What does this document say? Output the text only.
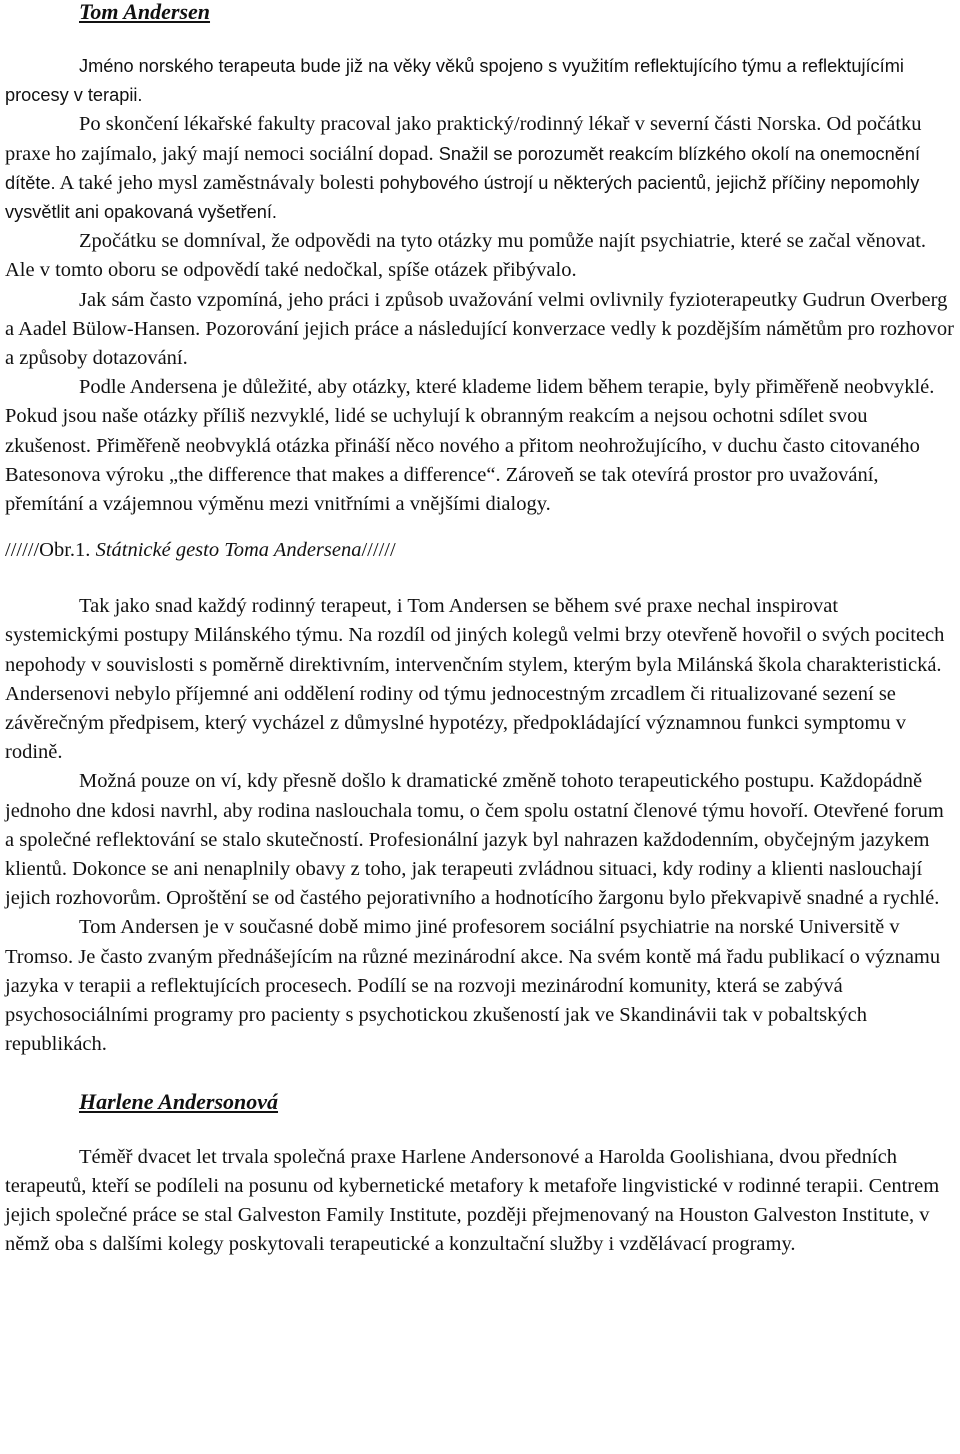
Tom Andersen

Jméno norského terapeuta bude již na věky věků spojeno s využitím reflektujícího týmu a reflektujícími procesy v terapii.

Po skončení lékařské fakulty pracoval jako praktický/rodinný lékař v severní části Norska. Od počátku praxe ho zajímalo, jaký mají nemoci sociální dopad. Snažil se porozumět reakcím blízkého okolí na onemocnění dítěte. A také jeho mysl zaměstnávaly bolesti pohybového ústrojí u některých pacientů, jejichž příčiny nepomohly vysvětlit ani opakovaná vyšetření.

Zpočátku se domníval, že odpovědi na tyto otázky mu pomůže najít psychiatrie, které se začal věnovat. Ale v tomto oboru se odpovědí také nedočkal, spíše otázek přibývalo.

Jak sám často vzpomíná, jeho práci i způsob uvažování velmi ovlivnily fyzioterapeutky Gudrun Overberg a Aadel Bülow-Hansen. Pozorování jejich práce a následující konverzace vedly k pozdějším námětům pro rozhovor a způsoby dotazování.

Podle Andersena je důležité, aby otázky, které klademe lidem během terapie, byly přiměřeně neobvyklé. Pokud jsou naše otázky příliš nezvyklé, lidé se uchylují k obranným reakcím a nejsou ochotni sdílet svou zkušenost. Přiměřeně neobvyklá otázka přináší něco nového a přitom neohrožujícího, v duchu často citovaného Batesonova výroku „the difference that makes a difference“. Zároveň se tak otevírá prostor pro uvažování, přemítání a vzájemnou výměnu mezi vnitřními a vnějšími dialogy.

//////Obr.1. Státnické gesto Toma Andersena//////

Tak jako snad každý rodinný terapeut, i Tom Andersen se během své praxe nechal inspirovat systemickými postupy Milánského týmu. Na rozdíl od jiných kolegů velmi brzy otevřeně hovořil o svých pocitech nepohody v souvislosti s poměrně direktivním, intervenčním stylem, kterým byla Milánská škola charakteristická. Andersenovi nebylo příjemné ani oddělení rodiny od týmu jednocestným zrcadlem či ritualizované sezení se závěrečným předpisem, který vycházel z důmyslné hypotézy, předpokládající významnou funkci symptomu v rodině.

Možná pouze on ví, kdy přesně došlo k dramatické změně tohoto terapeutického postupu. Každopádně jednoho dne kdosi navrhl, aby rodina naslouchala tomu, o čem spolu ostatní členové týmu hovoří. Otevřené forum a společné reflektování se stalo skutečností. Profesionální jazyk byl nahrazen každodenním, obyčejným jazykem klientů. Dokonce se ani nenaplnily obavy z toho, jak terapeuti zvládnou situaci, kdy rodiny a klienti naslouchají jejich rozhovorům. Oproštění se od častého pejorativního a hodnotícího žargonu bylo překvapivě snadné a rychlé.

Tom Andersen je v současné době mimo jiné profesorem sociální psychiatrie na norské Universitě v Tromso. Je často zvaným přednášejícím na různé mezinárodní akce. Na svém kontě má řadu publikací o významu jazyka v terapii a reflektujících procesech. Podílí se na rozvoji mezinárodní komunity, která se zabývá psychosociálními programy pro pacienty s psychotickou zkušeností jak ve Skandinávii tak v pobaltských republikách.

Harlene Andersonová

Téměř dvacet let trvala společná praxe Harlene Andersonové a Harolda Goolishiana, dvou předních terapeutů, kteří se podíleli na posunu od kybernetické metafory k metafoře lingvistické v rodinné terapii. Centrem jejich společné práce se stal Galveston Family Institute, později přejmenovaný na Houston Galveston Institute, v němž oba s dalšími kolegy poskytovali terapeutické a konzultační služby i vzdělávací programy.
